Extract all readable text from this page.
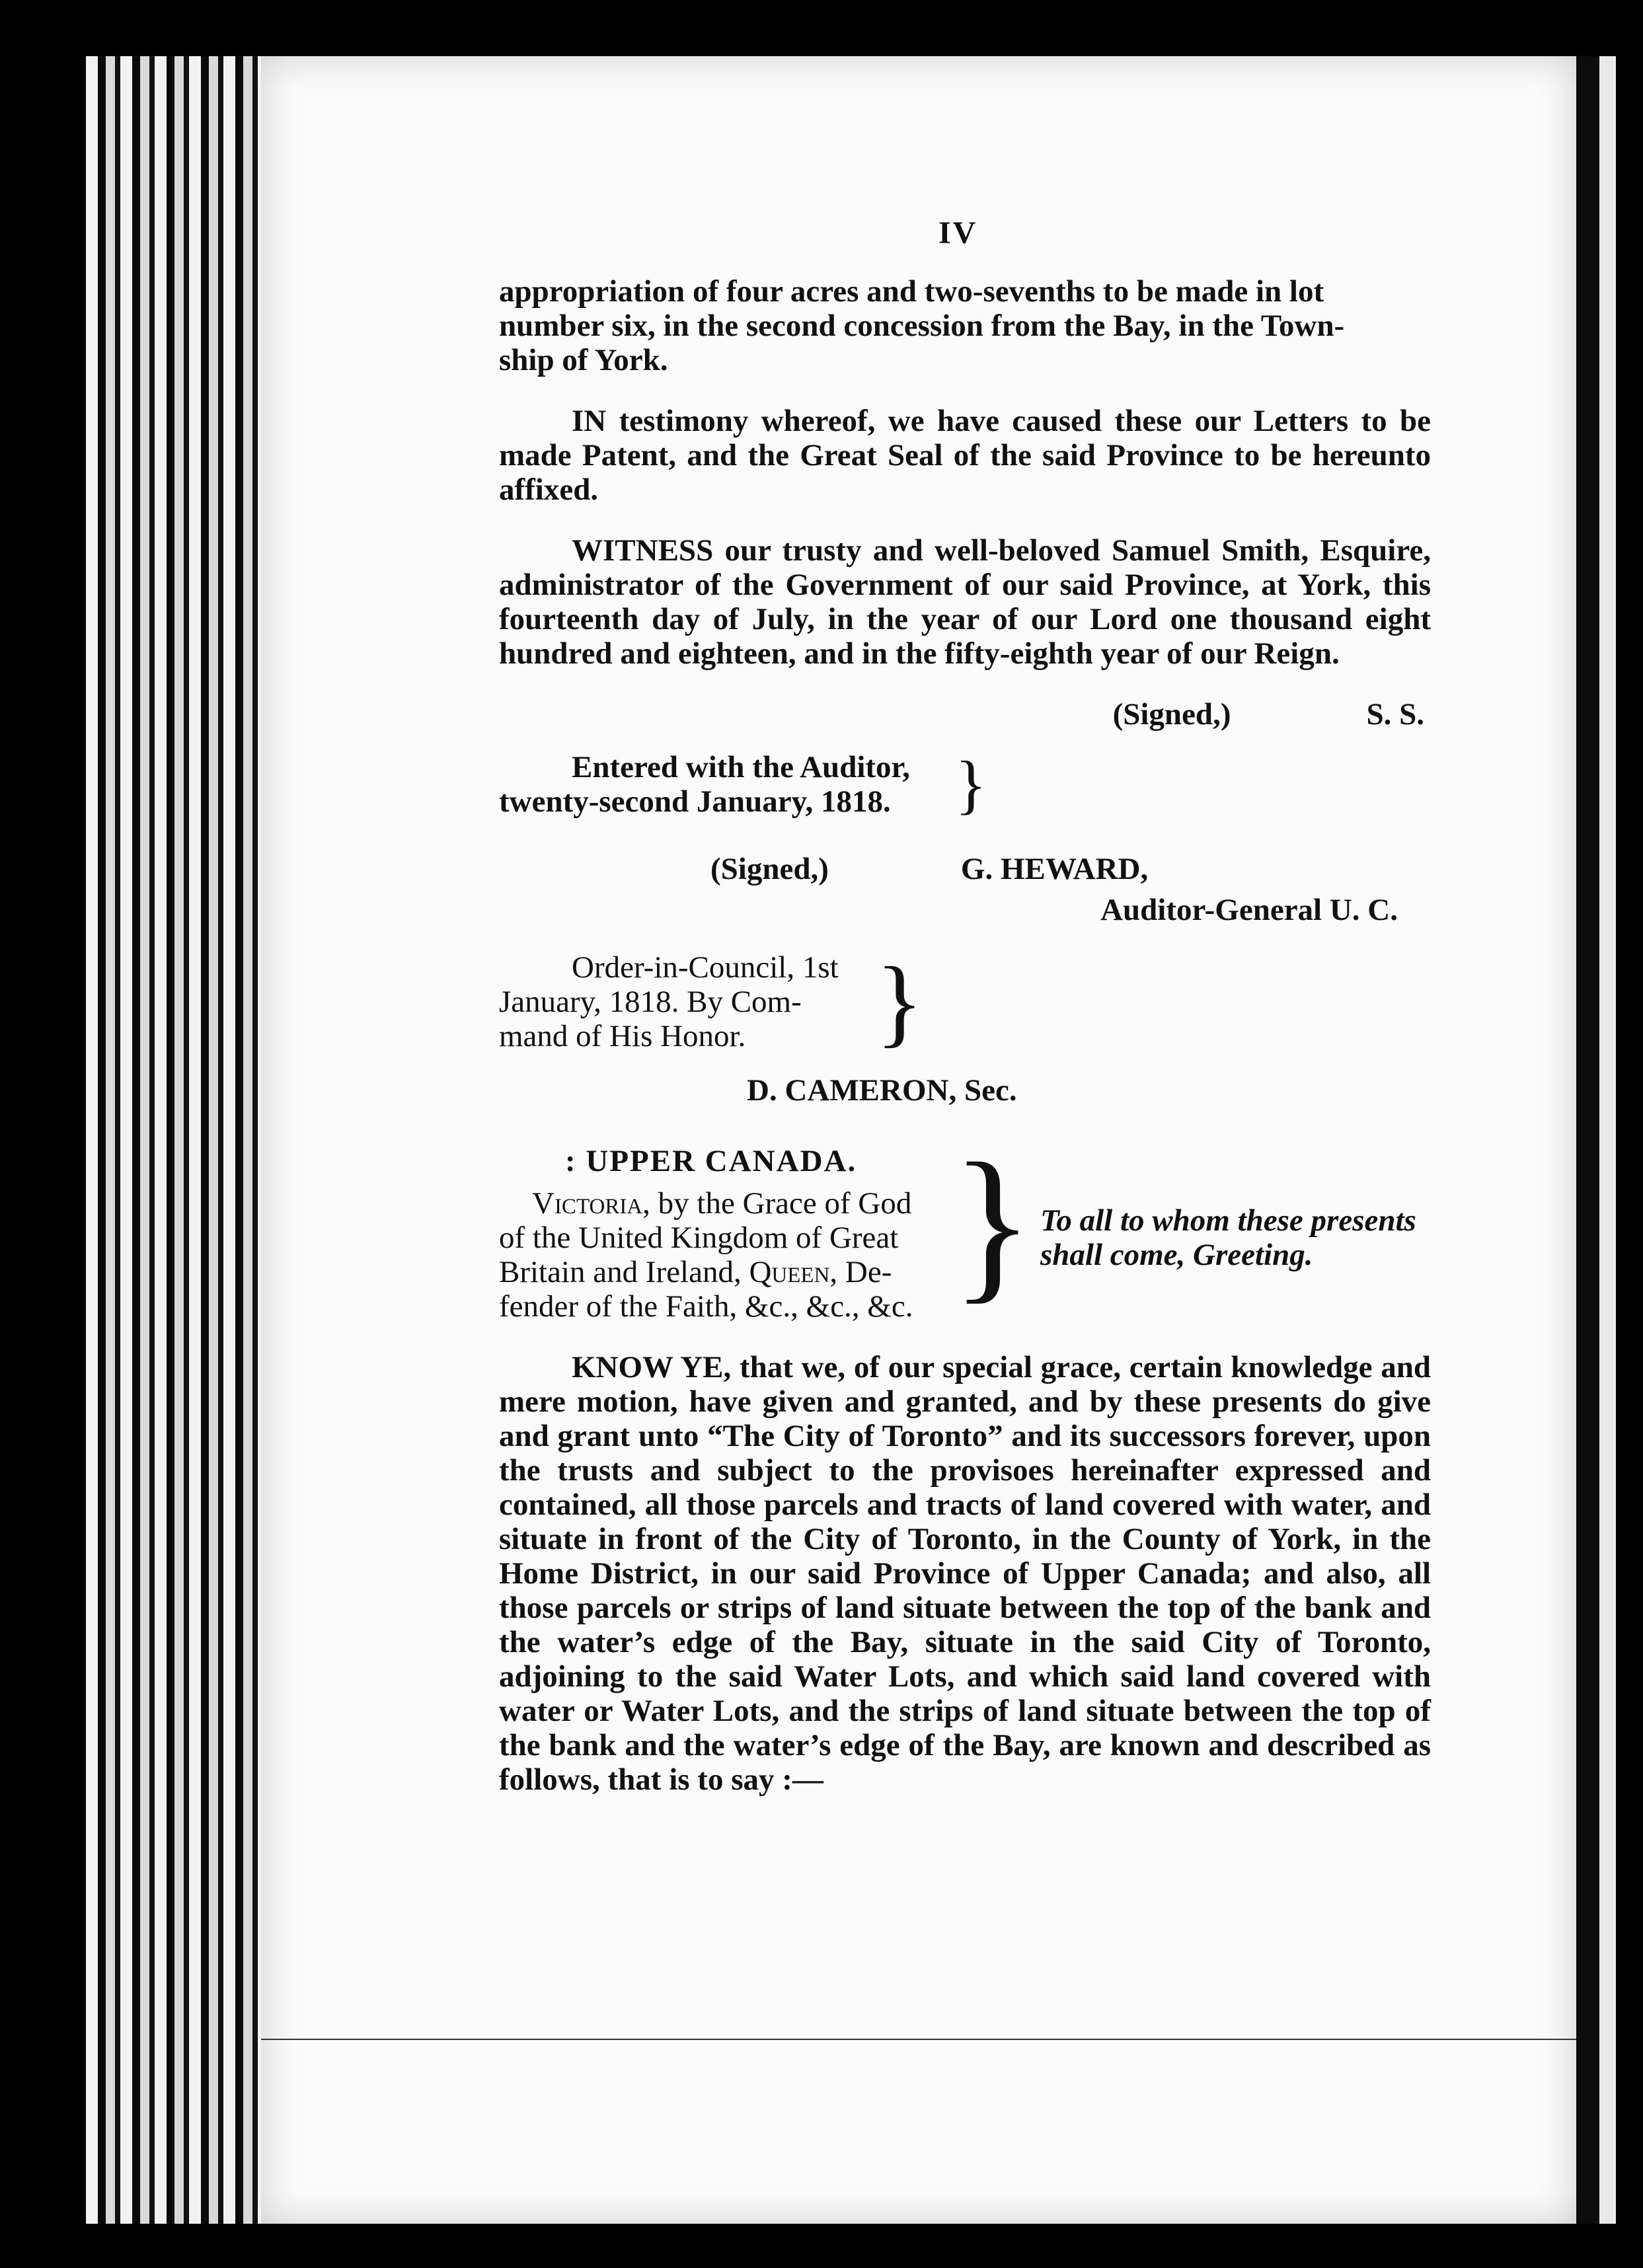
IV

appropriation of four acres and two-sevenths to be made in lot

number six, in the second concession from the Bay, in the Town-

ship of York.

IN testimony whereof, we have caused these our Letters to be made Patent, and the Great Seal of the said Province to be hereunto affixed.

WITNESS our trusty and well-beloved Samuel Smith, Esquire, administrator of the Government of our said Province, at York, this fourteenth day of July, in the year of our Lord one thousand eight hundred and eighteen, and in the fifty-eighth year of our Reign.

(Signed,)	S. S.
Entered with the Auditor,
twenty-second January, 1818. }
(Signed,)	G. HEWARD,
Auditor-General U. C.
Order-in-Council, 1st
January, 1818. By Com-
mand of His Honor.	}
D. CAMERON, Sec.
: UPPER CANADA.
Victoria, by the Grace of God
of the United Kingdom of Great
Britain and Ireland, Queen, De-
fender of the Faith, &c., &c., &c. } To all to whom these presents shall come, Greeting.

KNOW YE, that we, of our special grace, certain knowledge and mere motion, have given and granted, and by these presents do give and grant unto “The City of Toronto” and its successors forever, upon the trusts and subject to the provisoes hereinafter expressed and contained, all those parcels and tracts of land covered with water, and situate in front of the City of Toronto, in the County of York, in the Home District, in our said Province of Upper Canada; and also, all those parcels or strips of land situate between the top of the bank and the water’s edge of the Bay, situate in the said City of Toronto, adjoining to the said Water Lots, and which said land covered with water or Water Lots, and the strips of land situate between the top of the bank and the water’s edge of the Bay, are known and described as follows, that is to say :—
